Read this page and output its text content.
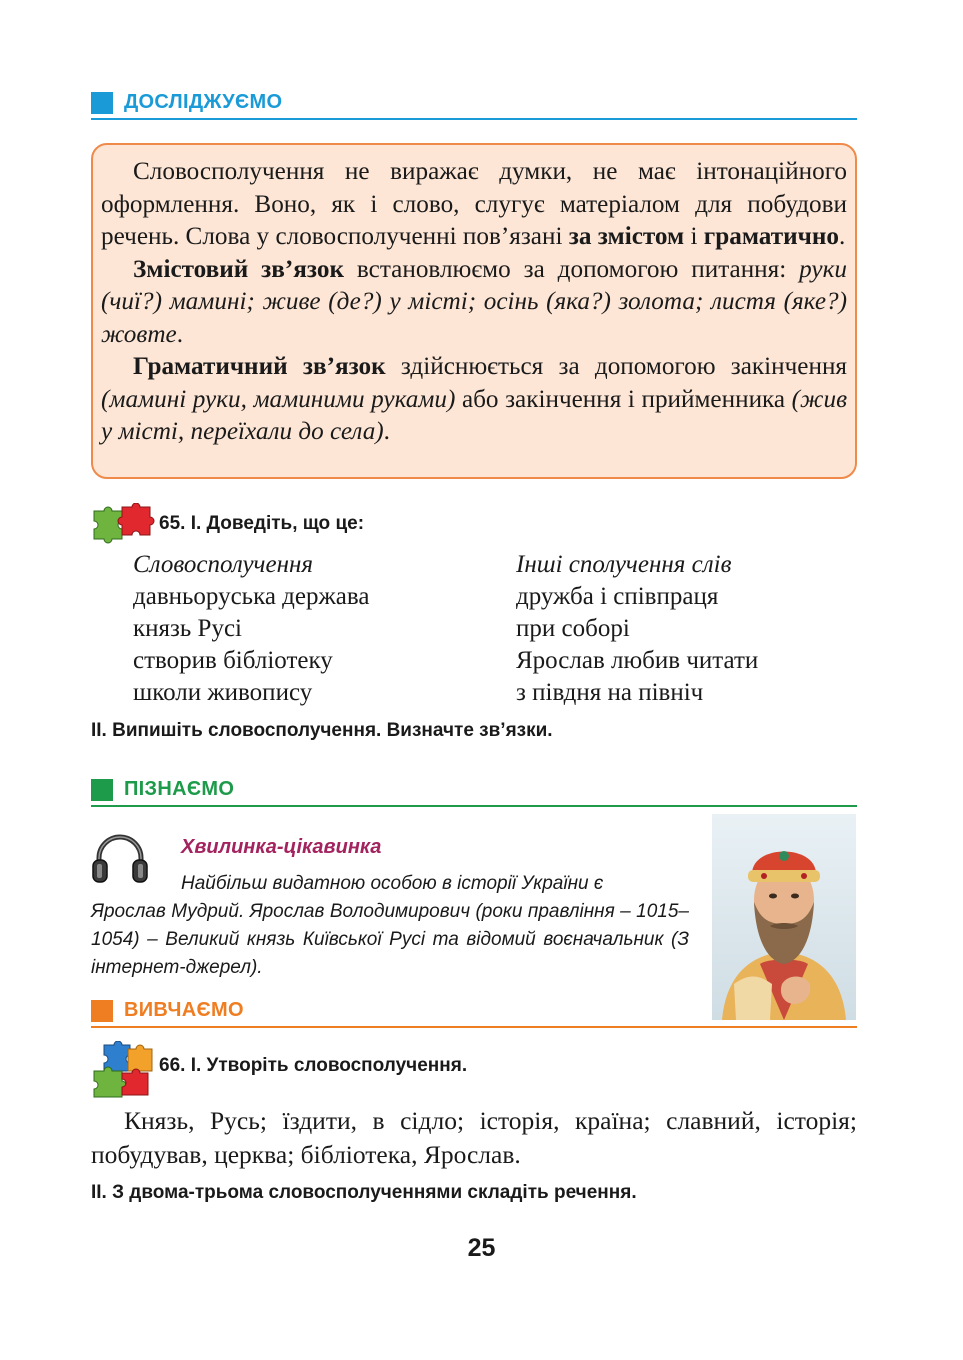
ДОСЛІДЖУЄМО

Словосполучення не виражає думки, не має інтонаційного оформлення. Воно, як і слово, слугує матеріалом для побудови речень. Слова у словосполученні пов’язані за змістом і граматично.

Змістовий зв’язок встановлюємо за допомогою питання: руки (чиї?) мамині; живе (де?) у місті; осінь (яка?) золота; листя (яке?) жовте.

Граматичний зв’язок здійснюється за допомогою закінчення (мамині руки, маминими руками) або закінчення і прийменника (жив у місті, переїхали до села).

65. І. Доведіть, що це:
Словосполучення
давньоруська держава
князь Русі
створив бібліотеку
школи живопису
Інші сполучення слів
дружба і співпраця
при соборі
Ярослав любив читати
з півдня на північ
ІІ. Випишіть словосполучення. Визначте зв’язки.
ПІЗНАЄМО
Хвилинка-цікавинка
Найбільш видатною особою в історії України є
Ярослав Мудрий. Ярослав Володимирович (роки правління – 1015–1054) – Великий князь Київської Русі та відомий воєначальник (З інтернет-джерел).
ВИВЧАЄМО
66. І. Утворіть словосполучення.
Князь, Русь; їздити, в сідло; історія, країна; славний, історія; побудував, церква; бібліотека, Ярослав.
ІІ. З двома-трьома словосполученнями складіть речення.
25
